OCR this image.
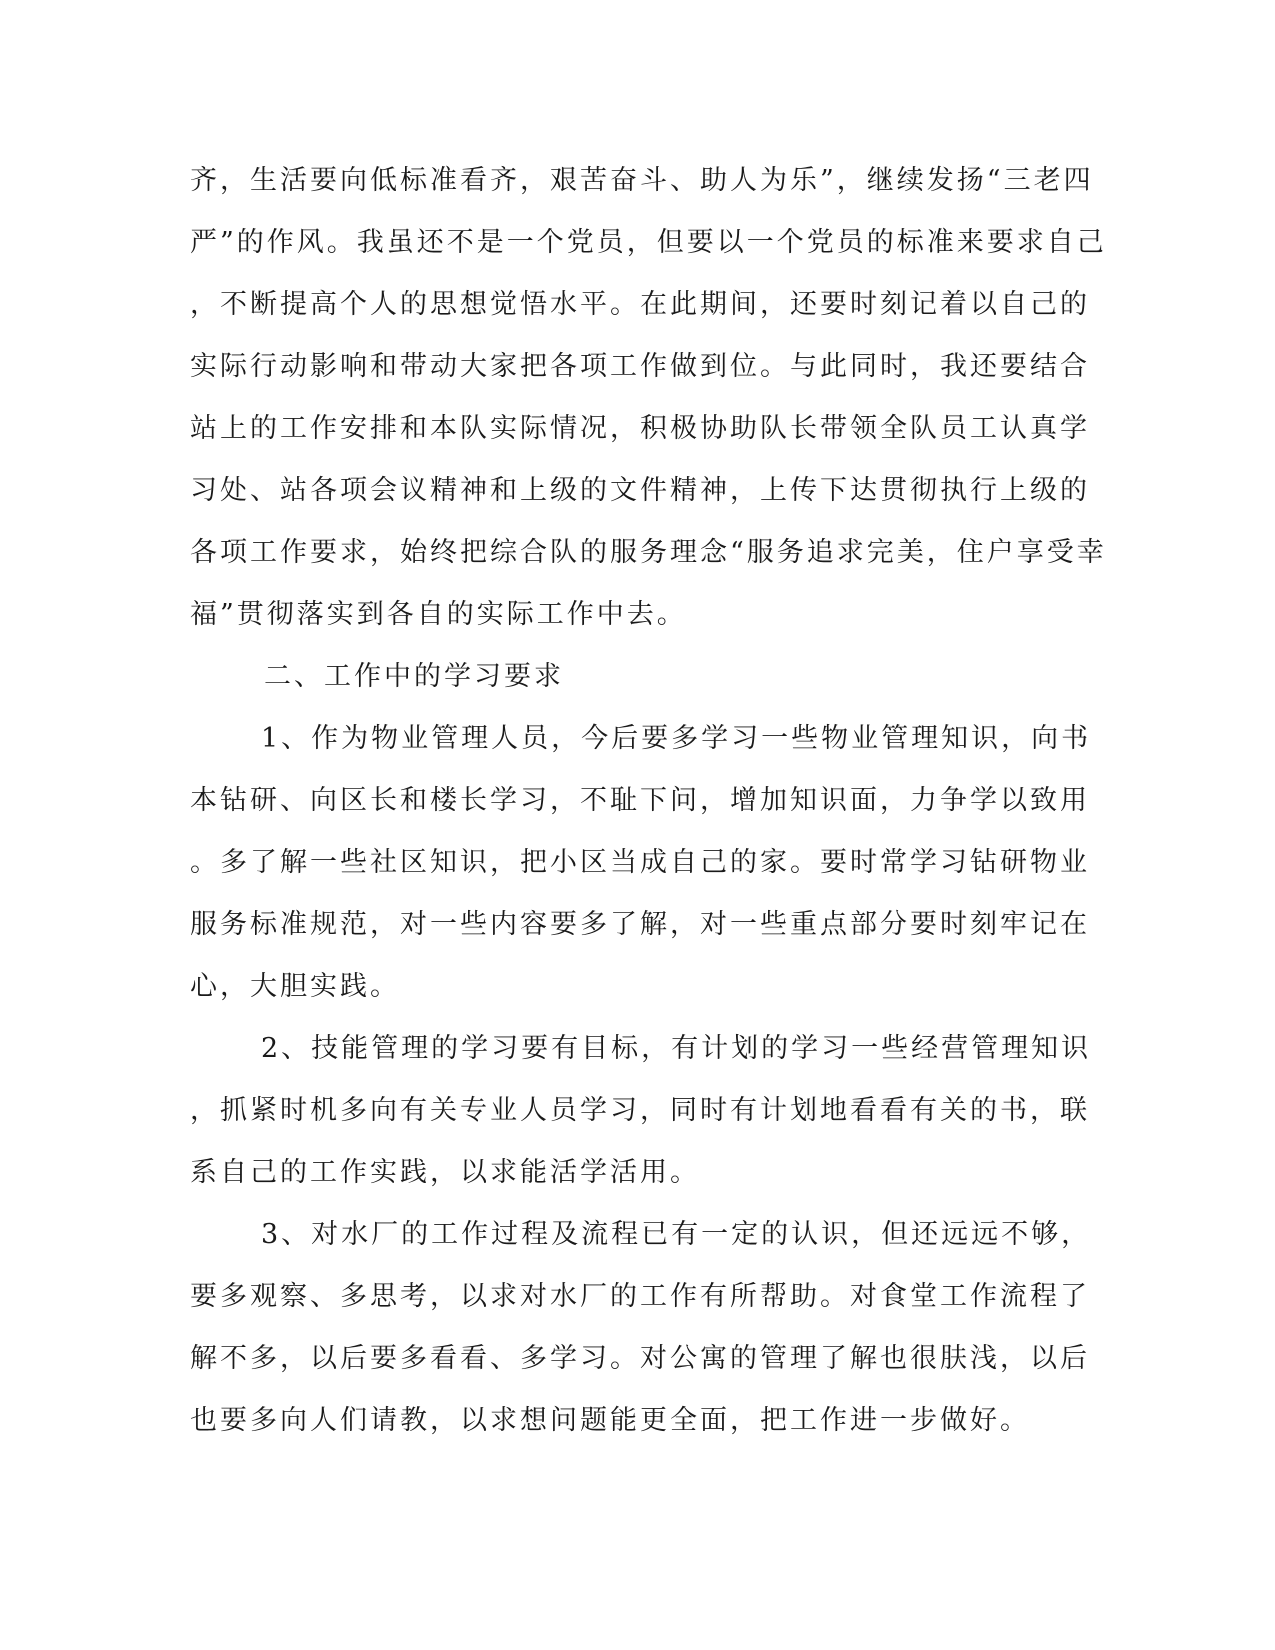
齐，生活要向低标准看齐，艰苦奋斗、助人为乐”，继续发扬“三老四
严”的作风。我虽还不是一个党员，但要以一个党员的标准来要求自己
，不断提高个人的思想觉悟水平。在此期间，还要时刻记着以自己的
实际行动影响和带动大家把各项工作做到位。与此同时，我还要结合
站上的工作安排和本队实际情况，积极协助队长带领全队员工认真学
习处、站各项会议精神和上级的文件精神，上传下达贯彻执行上级的
各项工作要求，始终把综合队的服务理念“服务追求完美，住户享受幸
福”贯彻落实到各自的实际工作中去。
二、工作中的学习要求
1、作为物业管理人员，今后要多学习一些物业管理知识，向书
本钻研、向区长和楼长学习，不耻下问，增加知识面，力争学以致用
。多了解一些社区知识，把小区当成自己的家。要时常学习钻研物业
服务标准规范，对一些内容要多了解，对一些重点部分要时刻牢记在
心，大胆实践。
2、技能管理的学习要有目标，有计划的学习一些经营管理知识
，抓紧时机多向有关专业人员学习，同时有计划地看看有关的书，联
系自己的工作实践，以求能活学活用。
3、对水厂的工作过程及流程已有一定的认识，但还远远不够，
要多观察、多思考，以求对水厂的工作有所帮助。对食堂工作流程了
解不多，以后要多看看、多学习。对公寓的管理了解也很肤浅，以后
也要多向人们请教，以求想问题能更全面，把工作进一步做好。
